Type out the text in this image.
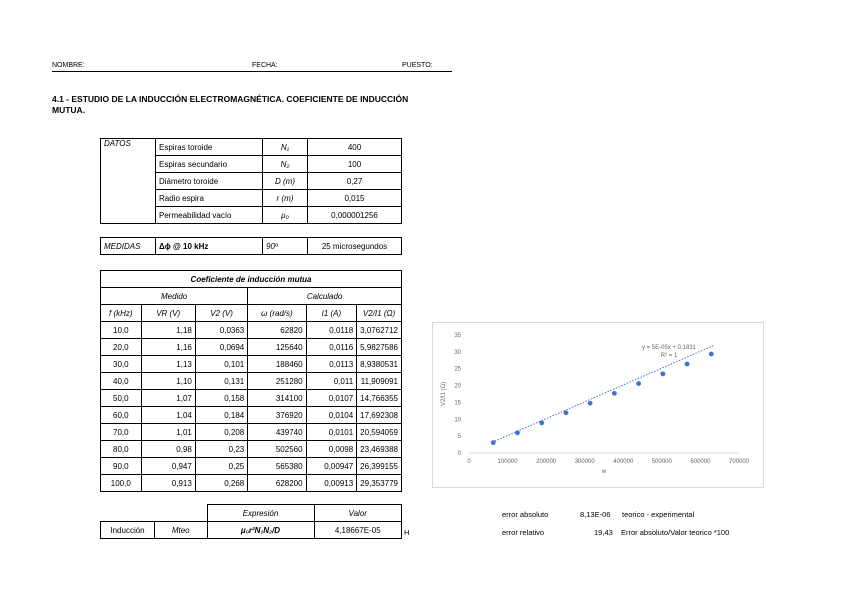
NOMBRE:	FECHA:	PUESTO:
4.1 - ESTUDIO DE LA INDUCCIÓN ELECTROMAGNÉTICA. COEFICIENTE DE INDUCCIÓN MUTUA.
DATOS	Espiras toroide	N₁	400
	Espiras secundario	N₂	100
	Diámetro toroide	D (m)	0,27
	Radio espira	r (m)	0,015
	Permeabilidad vacío	μ₀	0,000001256
MEDIDAS	Δϕ @ 10 kHz	90º	25 microsegundos
Coeficiente de inducción mutua					
Medido			Calculado		
f (kHz)	VR (V)	V2 (V)	ω (rad/s)	I1 (A)	V2/I1 (Ω)
10,0	1,18	0,0363	62820	0,0118	3,0762712
20,0	1,16	0,0694	125640	0,0116	5,9827586
30,0	1,13	0,101	188460	0,0113	8,9380531
40,0	1,10	0,131	251280	0,011	11,909091
50,0	1,07	0,158	314100	0,0107	14,766355
60,0	1,04	0,184	376920	0,0104	17,692308
70,0	1,01	0,208	439740	0,0101	20,594059
80,0	0,98	0,23	502560	0,0098	23,469388
90,0	0,947	0,25	565380	0,00947	26,399155
100,0	0,913	0,268	628200	0,00913	29,353779
		Expresión	Valor
Inducción	Mteo	μ₀r²N₁N₂/D	4,18667E-05	H
error absoluto	8,13E-06 teorico - experimental
error relativo	19,43 Error absoluto/Valor teorico *100
0
5
10
15
20
25
30
35
0	100000	200000	300000	400000	500000	600000	700000
y = 5E-05x + 0,1831
R² = 1
w
V2/I1 (Ω)
